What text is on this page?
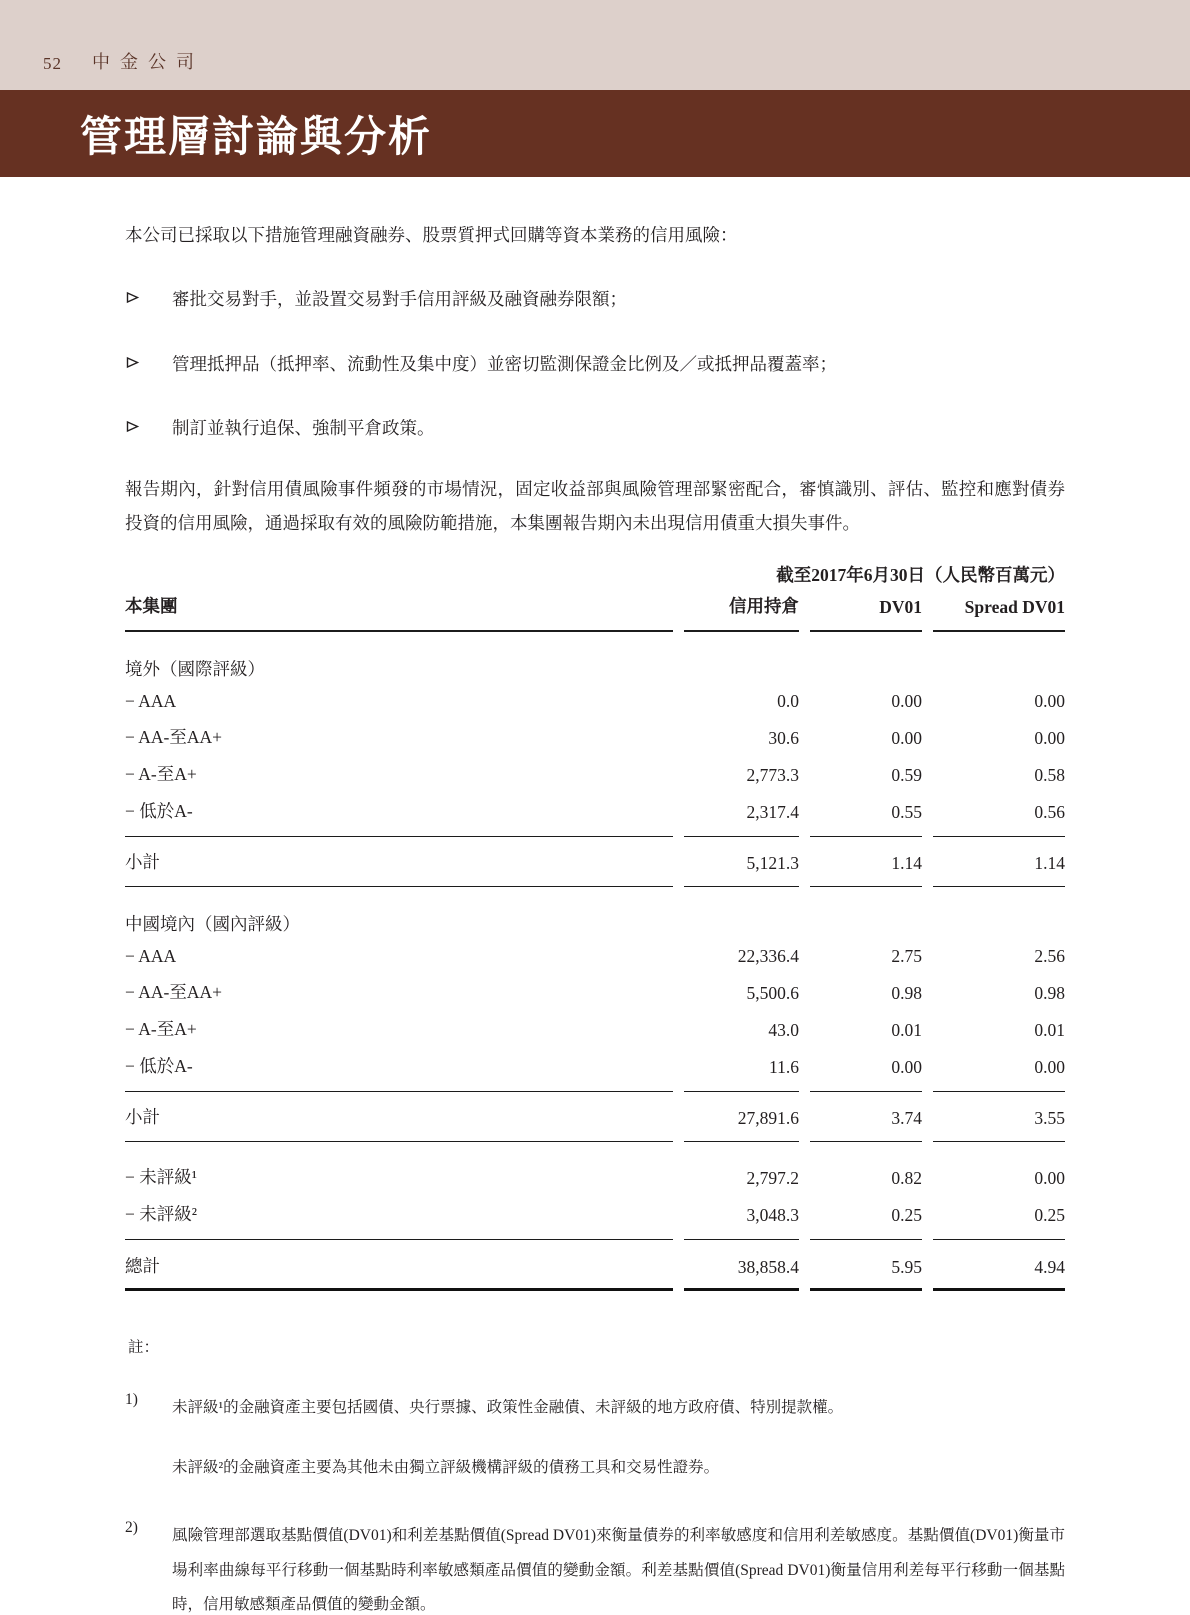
52 中金公司
管理層討論與分析

本公司已採取以下措施管理融資融券、股票質押式回購等資本業務的信用風險：

審批交易對手，並設置交易對手信用評級及融資融券限額；
管理抵押品（抵押率、流動性及集中度）並密切監測保證金比例及／或抵押品覆蓋率；
制訂並執行追保、強制平倉政策。

報告期內，針對信用債風險事件頻發的市場情況，固定收益部與風險管理部緊密配合，審慎識別、評估、監控和應對債券投資的信用風險，通過採取有效的風險防範措施，本集團報告期內未出現信用債重大損失事件。

截至2017年6月30日（人民幣百萬元）
本集團	信用持倉	DV01	Spread DV01
境外（國際評級）			
− AAA	0.0	0.00	0.00
− AA-至AA+	30.6	0.00	0.00
− A-至A+	2,773.3	0.59	0.58
− 低於A-	2,317.4	0.55	0.56
小計	5,121.3	1.14	1.14
中國境內（國內評級）			
− AAA	22,336.4	2.75	2.56
− AA-至AA+	5,500.6	0.98	0.98
− A-至A+	43.0	0.01	0.01
− 低於A-	11.6	0.00	0.00
小計	27,891.6	3.74	3.55
− 未評級¹	2,797.2	0.82	0.00
− 未評級²	3,048.3	0.25	0.25
總計	38,858.4	5.95	4.94

註：

1)	未評級¹的金融資產主要包括國債、央行票據、政策性金融債、未評級的地方政府債、特別提款權。
未評級²的金融資產主要為其他未由獨立評級機構評級的債務工具和交易性證券。
2)	風險管理部選取基點價值(DV01)和利差基點價值(Spread DV01)來衡量債券的利率敏感度和信用利差敏感度。基點價值(DV01)衡量市場利率曲線每平行移動一個基點時利率敏感類產品價值的變動金額。利差基點價值(Spread DV01)衡量信用利差每平行移動一個基點時，信用敏感類產品價值的變動金額。
